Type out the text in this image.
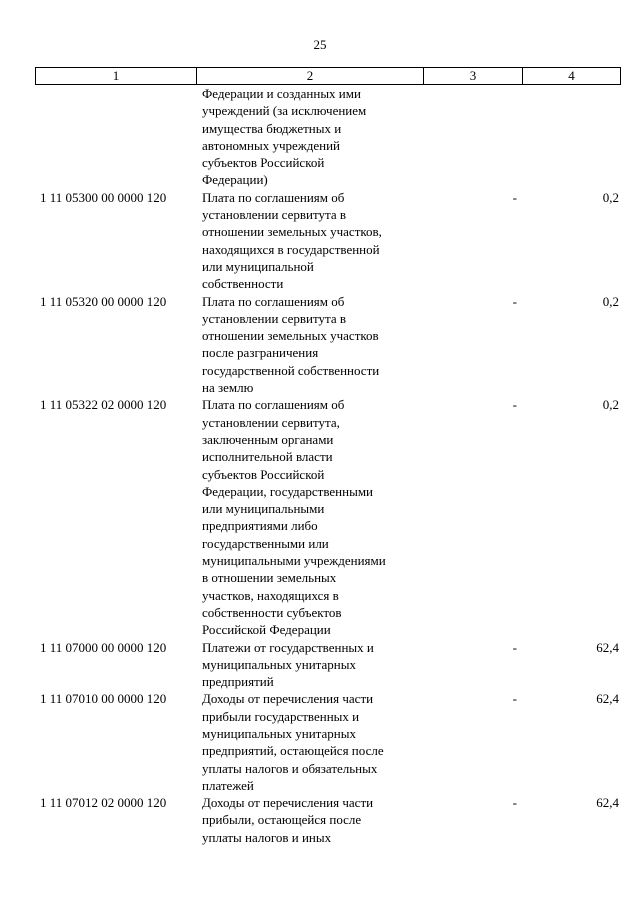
25
1	2	3	4
Федерации и созданных ими
учреждений (за исключением
имущества бюджетных и
автономных учреждений
субъектов Российской
Федерации)
1 11 05300 00 0000 120	Плата по соглашениям об
установлении сервитута в
отношении земельных участков,
находящихся в государственной
или муниципальной
собственности
-	0,2
1 11 05320 00 0000 120	Плата по соглашениям об
установлении сервитута в
отношении земельных участков
после разграничения
государственной собственности
на землю
-	0,2
1 11 05322 02 0000 120	Плата по соглашениям об
установлении сервитута,
заключенным органами
исполнительной власти
субъектов Российской
Федерации, государственными
или муниципальными
предприятиями либо
государственными или
муниципальными учреждениями
в отношении земельных
участков, находящихся в
собственности субъектов
Российской Федерации
-	0,2
1 11 07000 00 0000 120	Платежи от государственных и
муниципальных унитарных
предприятий
-	62,4
1 11 07010 00 0000 120	Доходы от перечисления части
прибыли государственных и
муниципальных унитарных
предприятий, остающейся после
уплаты налогов и обязательных
платежей
-	62,4
1 11 07012 02 0000 120	Доходы от перечисления части
прибыли, остающейся после
уплаты налогов и иных
-	62,4
